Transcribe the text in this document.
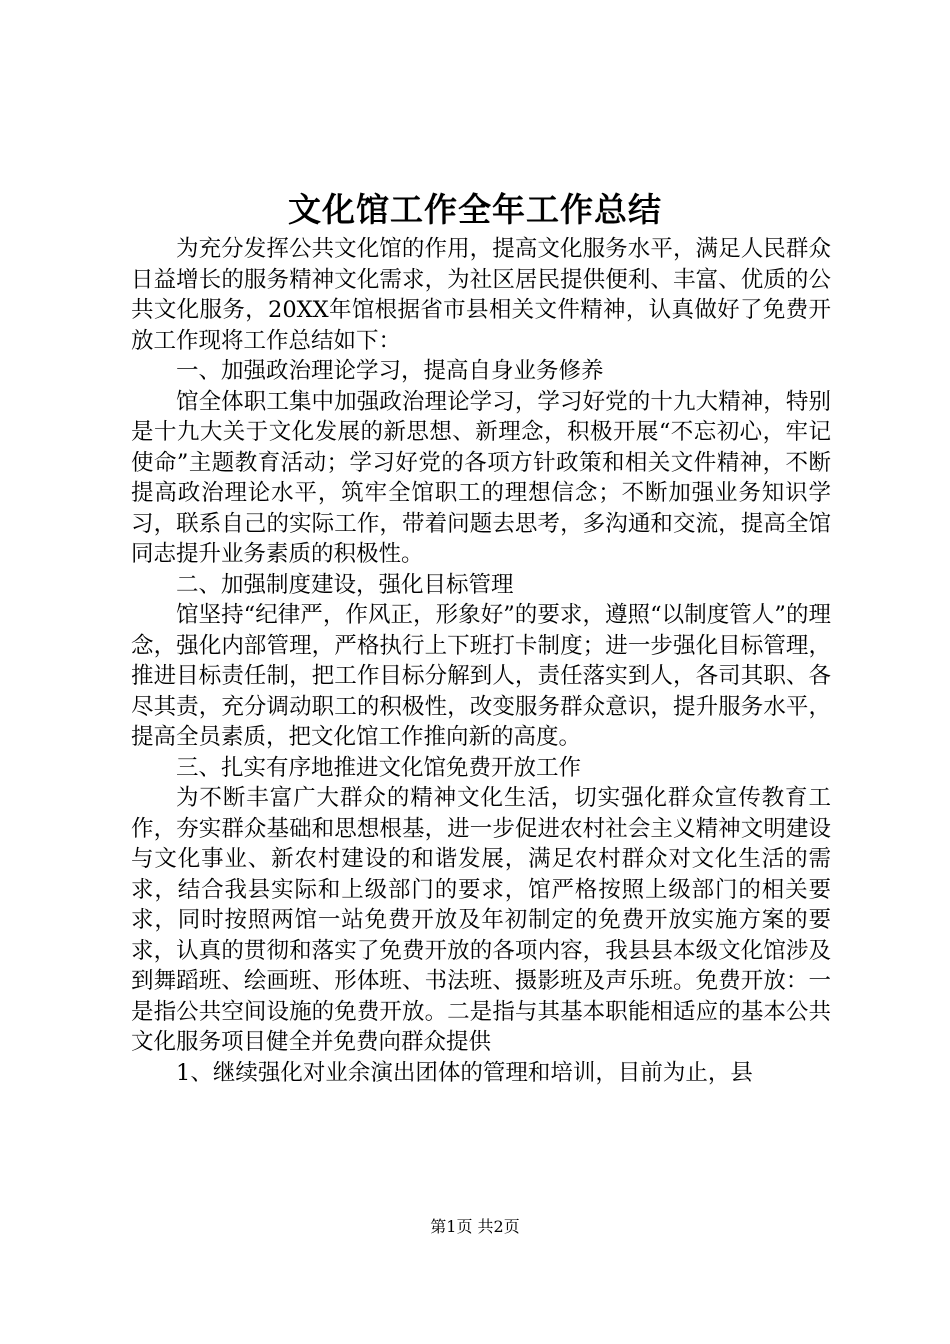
文化馆工作全年工作总结

为充分发挥公共文化馆的作用，提高文化服务水平，满足人民群众日益增长的服务精神文化需求，为社区居民提供便利、丰富、优质的公共文化服务，20XX年馆根据省市县相关文件精神，认真做好了免费开放工作现将工作总结如下：

一、加强政治理论学习，提高自身业务修养

馆全体职工集中加强政治理论学习，学习好党的十九大精神，特别是十九大关于文化发展的新思想、新理念，积极开展“不忘初心，牢记使命”主题教育活动；学习好党的各项方针政策和相关文件精神，不断提高政治理论水平，筑牢全馆职工的理想信念；不断加强业务知识学习，联系自己的实际工作，带着问题去思考，多沟通和交流，提高全馆同志提升业务素质的积极性。

二、加强制度建设，强化目标管理

馆坚持“纪律严，作风正，形象好”的要求，遵照“以制度管人”的理念，强化内部管理，严格执行上下班打卡制度；进一步强化目标管理，推进目标责任制，把工作目标分解到人，责任落实到人，各司其职、各尽其责，充分调动职工的积极性，改变服务群众意识，提升服务水平，提高全员素质，把文化馆工作推向新的高度。

三、扎实有序地推进文化馆免费开放工作

为不断丰富广大群众的精神文化生活，切实强化群众宣传教育工作，夯实群众基础和思想根基，进一步促进农村社会主义精神文明建设与文化事业、新农村建设的和谐发展，满足农村群众对文化生活的需求，结合我县实际和上级部门的要求，馆严格按照上级部门的相关要求，同时按照两馆一站免费开放及年初制定的免费开放实施方案的要求，认真的贯彻和落实了免费开放的各项内容，我县县本级文化馆涉及到舞蹈班、绘画班、形体班、书法班、摄影班及声乐班。免费开放：一是指公共空间设施的免费开放。二是指与其基本职能相适应的基本公共文化服务项目健全并免费向群众提供

1、继续强化对业余演出团体的管理和培训，目前为止，县

第1页 共2页
